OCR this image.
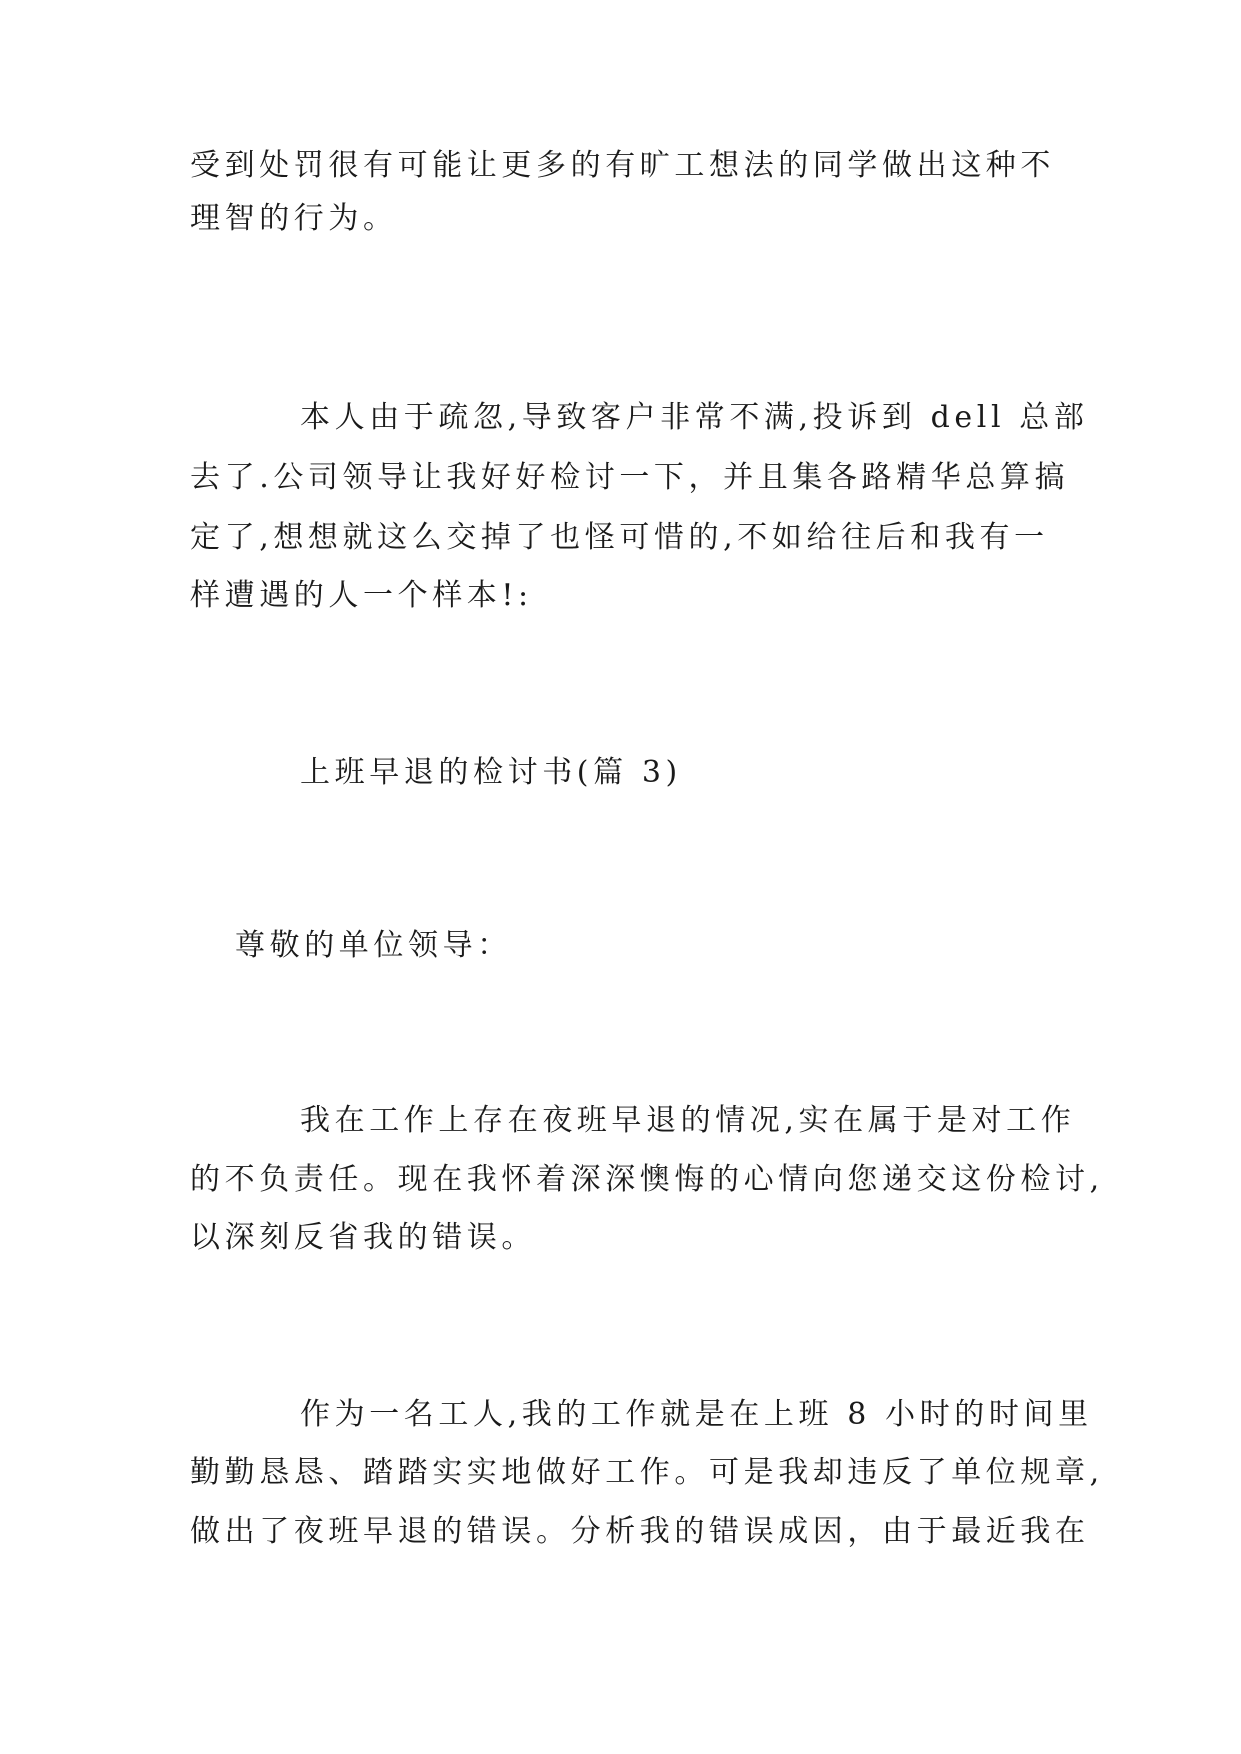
受到处罚很有可能让更多的有旷工想法的同学做出这种不

理智的行为。

本人由于疏忽,导致客户非常不满,投诉到 dell 总部

去了.公司领导让我好好检讨一下，并且集各路精华总算搞

定了,想想就这么交掉了也怪可惜的,不如给往后和我有一

样遭遇的人一个样本!:

上班早退的检讨书(篇 3)

尊敬的单位领导：

我在工作上存在夜班早退的情况,实在属于是对工作

的不负责任。现在我怀着深深懊悔的心情向您递交这份检讨,

以深刻反省我的错误。

作为一名工人,我的工作就是在上班 8 小时的时间里

勤勤恳恳、踏踏实实地做好工作。可是我却违反了单位规章,

做出了夜班早退的错误。分析我的错误成因，由于最近我在
